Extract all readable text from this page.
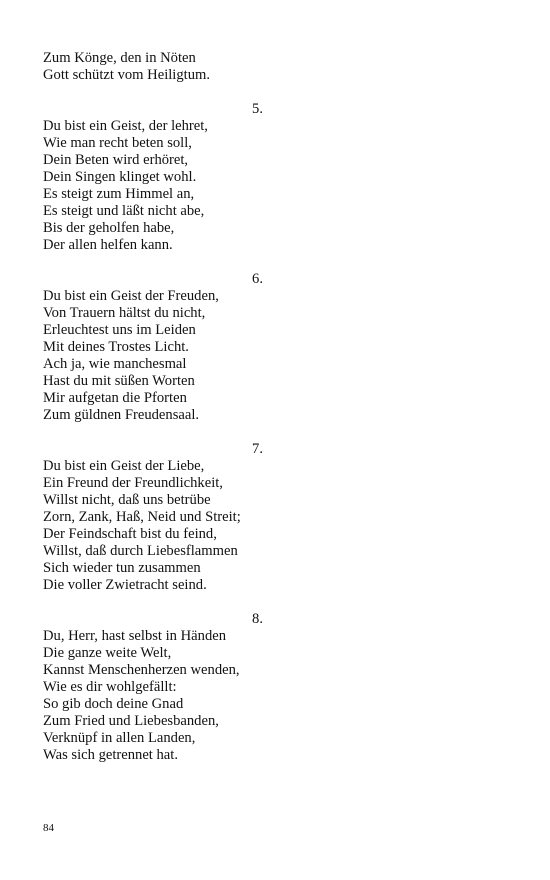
Zum Könge, den in Nöten
Gott schützt vom Heiligtum.
5.
Du bist ein Geist, der lehret,
Wie man recht beten soll,
Dein Beten wird erhöret,
Dein Singen klinget wohl.
Es steigt zum Himmel an,
Es steigt und läßt nicht abe,
Bis der geholfen habe,
Der allen helfen kann.
6.
Du bist ein Geist der Freuden,
Von Trauern hältst du nicht,
Erleuchtest uns im Leiden
Mit deines Trostes Licht.
Ach ja, wie manchesmal
Hast du mit süßen Worten
Mir aufgetan die Pforten
Zum güldnen Freudensaal.
7.
Du bist ein Geist der Liebe,
Ein Freund der Freundlichkeit,
Willst nicht, daß uns betrübe
Zorn, Zank, Haß, Neid und Streit;
Der Feindschaft bist du feind,
Willst, daß durch Liebesflammen
Sich wieder tun zusammen
Die voller Zwietracht seind.
8.
Du, Herr, hast selbst in Händen
Die ganze weite Welt,
Kannst Menschenherzen wenden,
Wie es dir wohlgefällt:
So gib doch deine Gnad
Zum Fried und Liebesbanden,
Verknüpf in allen Landen,
Was sich getrennet hat.
84
